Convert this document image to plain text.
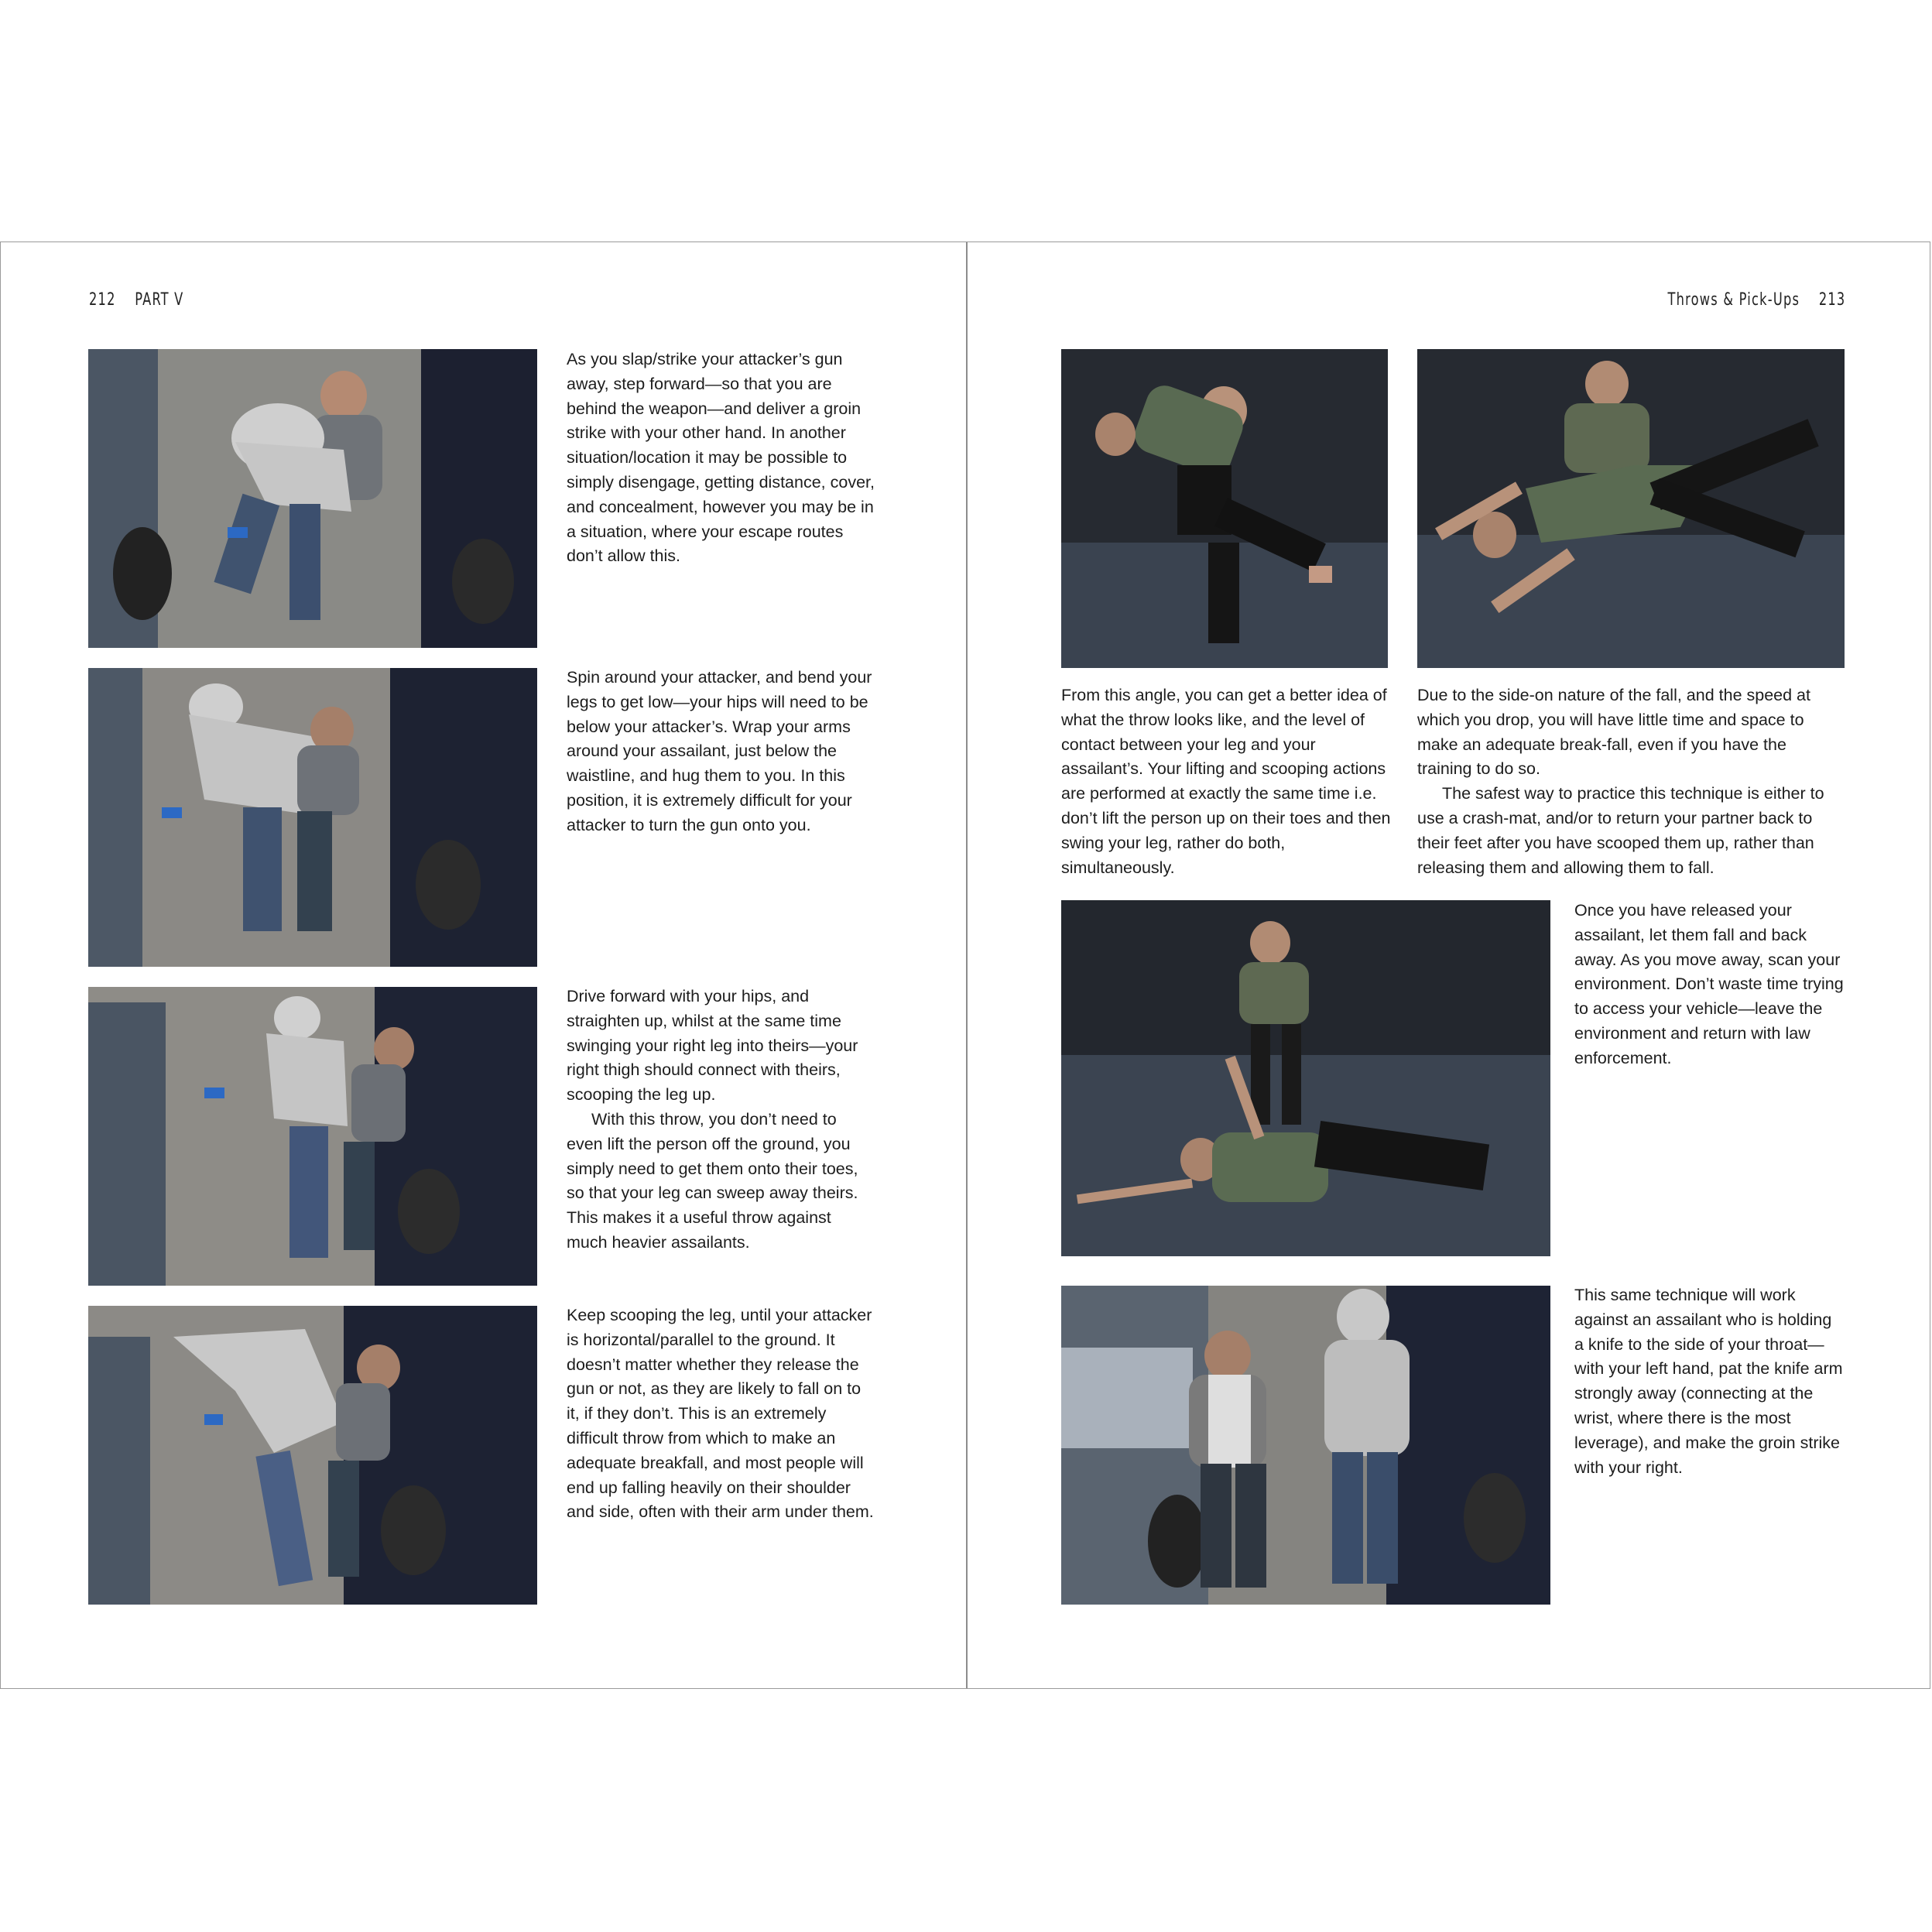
212 PART V

As you slap/strike your attacker’s gun away, step forward—so that you are behind the weapon—and deliver a groin strike with your other hand. In another situation/location it may be possible to simply disengage, getting distance, cover, and concealment, however you may be in a situation, where your escape routes don’t allow this.

Spin around your attacker, and bend your legs to get low—your hips will need to be below your attacker’s. Wrap your arms around your assailant, just below the waistline, and hug them to you. In this position, it is extremely difficult for your attacker to turn the gun onto you.

Drive forward with your hips, and straighten up, whilst at the same time swinging your right leg into theirs—your right thigh should connect with theirs, scooping the leg up.

With this throw, you don’t need to even lift the person off the ground, you simply need to get them onto their toes, so that your leg can sweep away theirs. This makes it a useful throw against much heavier assailants.

Keep scooping the leg, until your attacker is horizontal/parallel to the ground. It doesn’t matter whether they release the gun or not, as they are likely to fall on to it, if they don’t. This is an extremely difficult throw from which to make an adequate breakfall, and most people will end up falling heavily on their shoulder and side, often with their arm under them.

Throws & Pick-Ups 213

From this angle, you can get a better idea of what the throw looks like, and the level of contact between your leg and your assailant’s. Your lifting and scooping actions are performed at exactly the same time i.e. don’t lift the person up on their toes and then swing your leg, rather do both, simultaneously.

Due to the side-on nature of the fall, and the speed at which you drop, you will have little time and space to make an adequate break-fall, even if you have the training to do so.

The safest way to practice this technique is either to use a crash-mat, and/or to return your partner back to their feet after you have scooped them up, rather than releasing them and allowing them to fall.

Once you have released your assailant, let them fall and back away. As you move away, scan your environment. Don’t waste time trying to access your vehicle—leave the environment and return with law enforcement.

This same technique will work against an assailant who is holding a knife to the side of your throat—with your left hand, pat the knife arm strongly away (connecting at the wrist, where there is the most leverage), and make the groin strike with your right.
